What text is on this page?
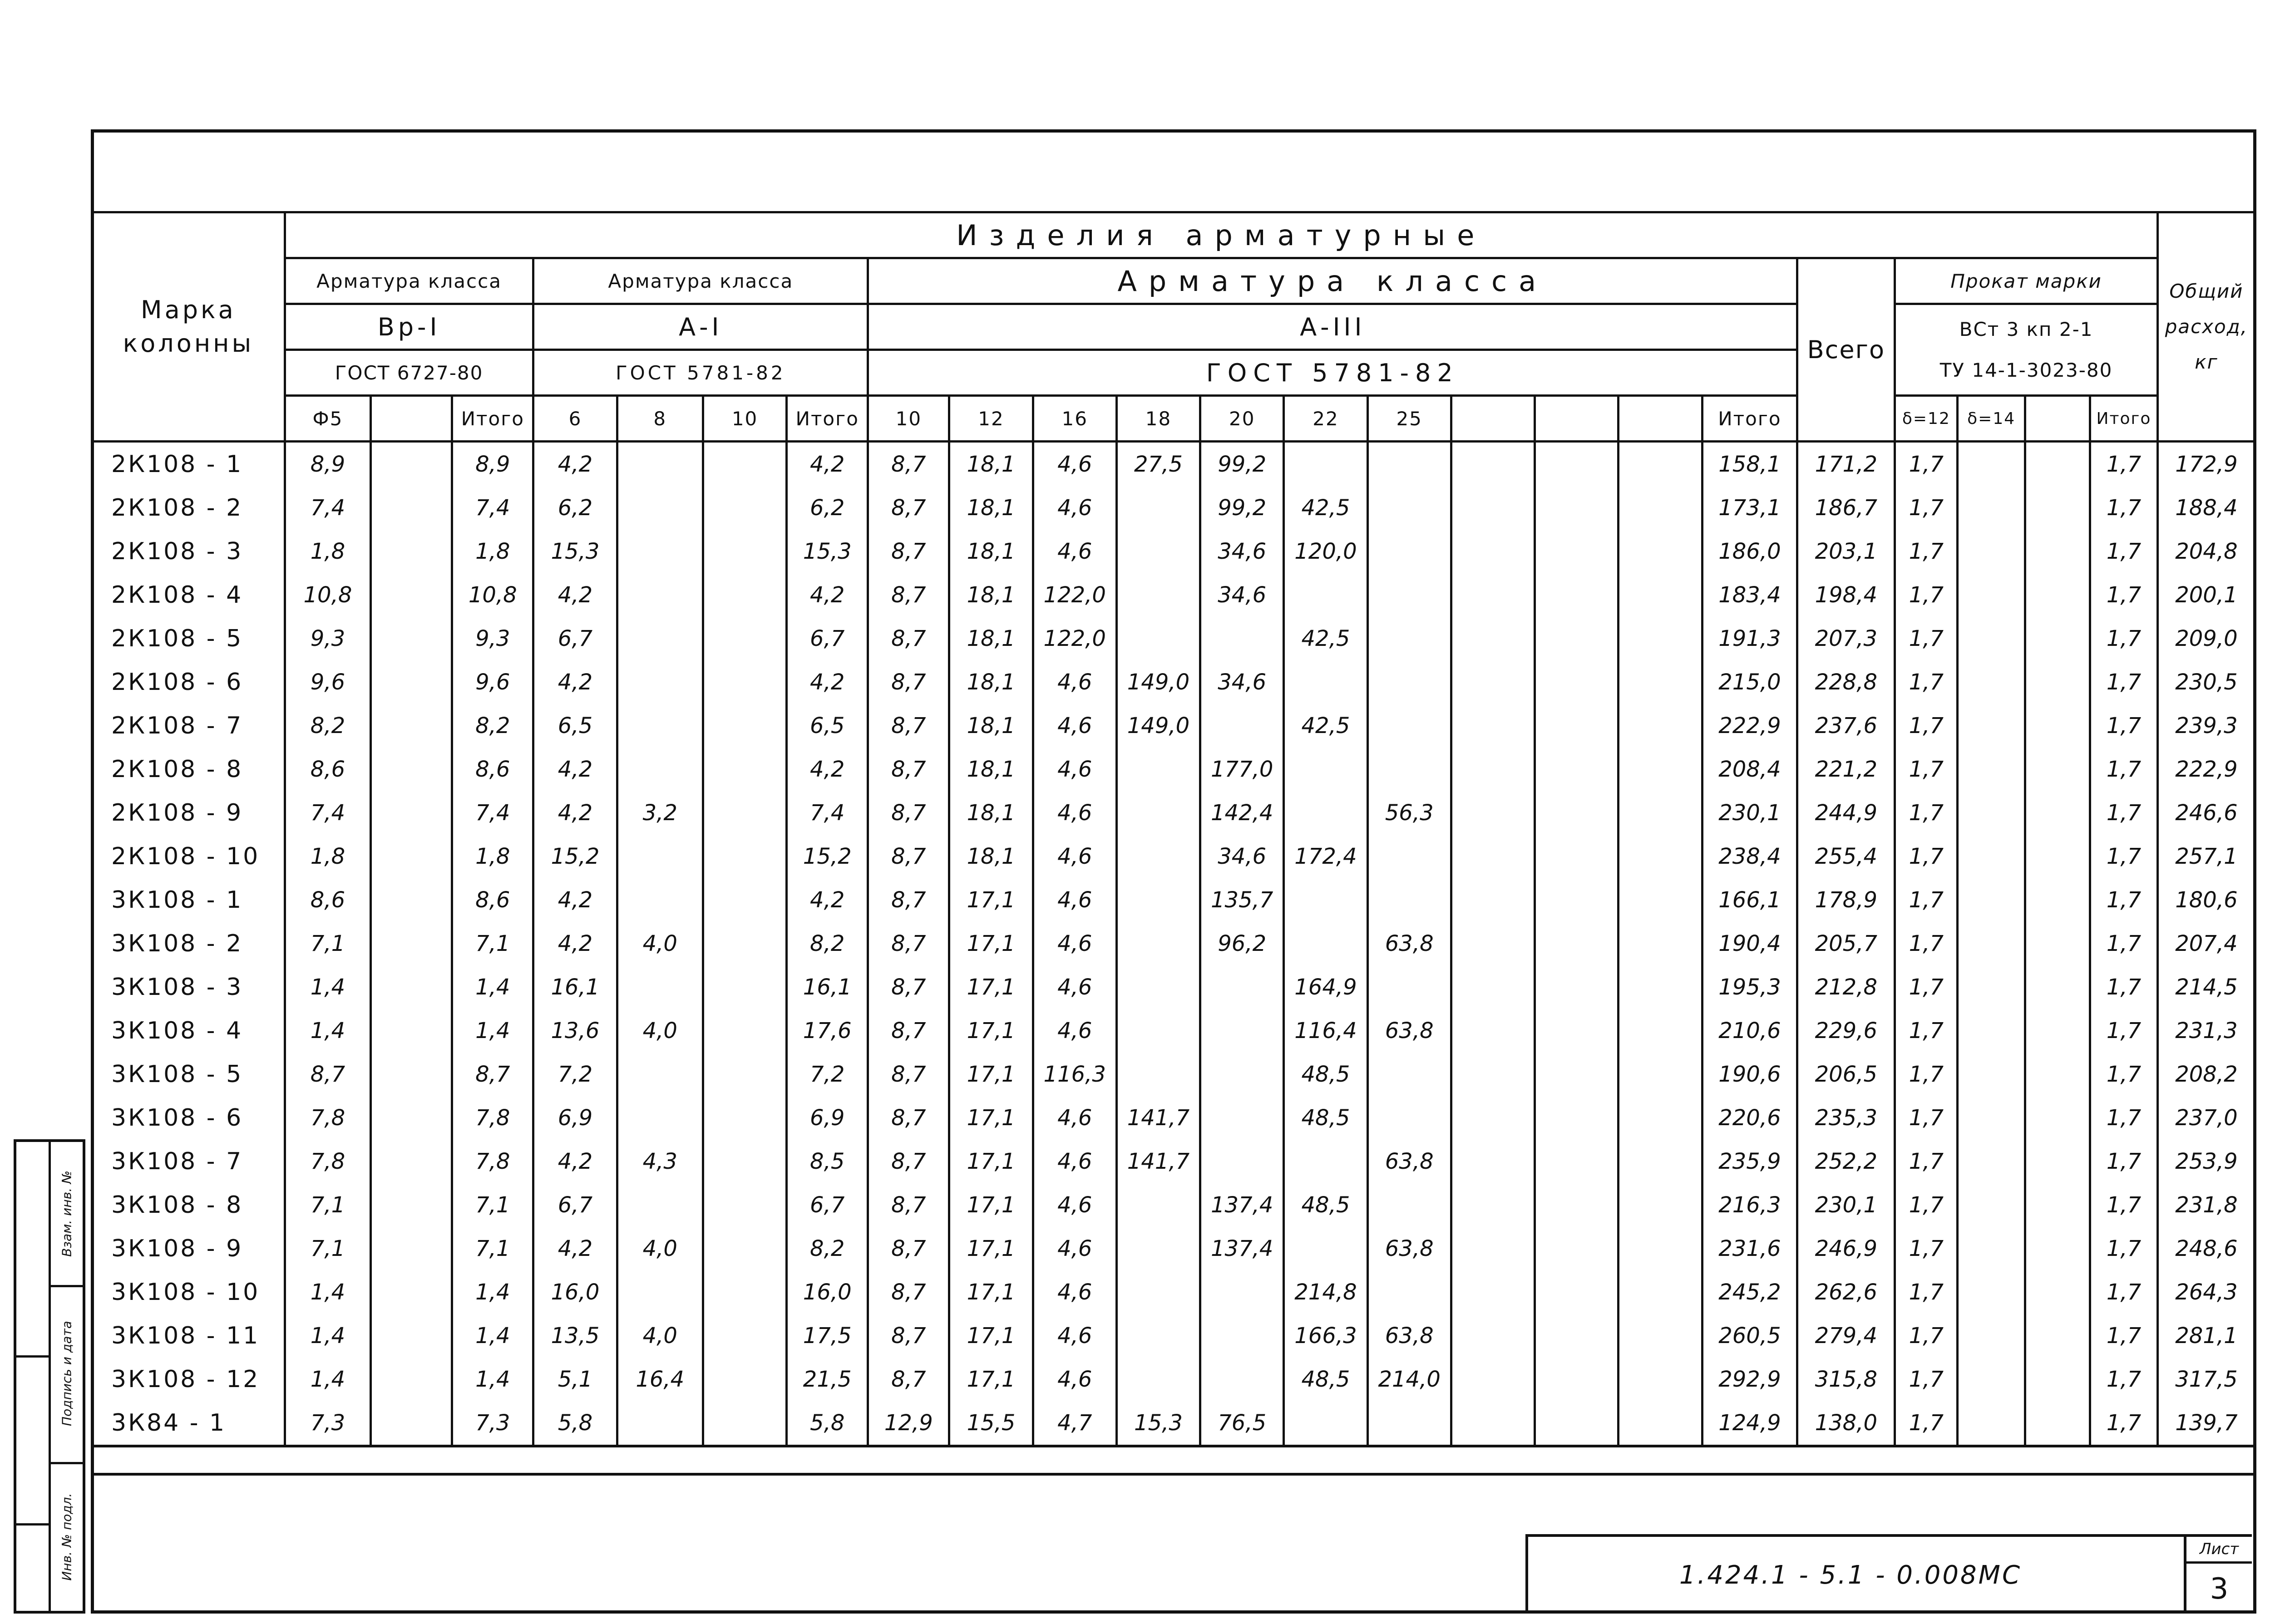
Марка колонны	Изделия арматурные																							Общий
расход,
кг

	Арматура класса			Арматура класса				Арматура класса											Всего	Прокат марки				
	Вр-I			А-I				А-III												ВСт 3 кп 2-1
ТУ 14-1-3023-80				

	ГОСТ 6727-80			ГОСТ 5781-82				ГОСТ 5781-82																
	Ф5		Итого	6	8	10	Итого	10	12	16	18	20	22	25				Итого		δ=12	δ=14		Итого	
2К108 - 1	8,9		8,9	4,2			4,2	8,7	18,1	4,6	27,5	99,2						158,1	171,2	1,7			1,7	172,9
2К108 - 2	7,4		7,4	6,2			6,2	8,7	18,1	4,6		99,2	42,5					173,1	186,7	1,7			1,7	188,4
2К108 - 3	1,8		1,8	15,3			15,3	8,7	18,1	4,6		34,6	120,0					186,0	203,1	1,7			1,7	204,8
2К108 - 4	10,8		10,8	4,2			4,2	8,7	18,1	122,0		34,6						183,4	198,4	1,7			1,7	200,1
2К108 - 5	9,3		9,3	6,7			6,7	8,7	18,1	122,0			42,5					191,3	207,3	1,7			1,7	209,0
2К108 - 6	9,6		9,6	4,2			4,2	8,7	18,1	4,6	149,0	34,6						215,0	228,8	1,7			1,7	230,5
2К108 - 7	8,2		8,2	6,5			6,5	8,7	18,1	4,6	149,0		42,5					222,9	237,6	1,7			1,7	239,3
2К108 - 8	8,6		8,6	4,2			4,2	8,7	18,1	4,6		177,0						208,4	221,2	1,7			1,7	222,9
2К108 - 9	7,4		7,4	4,2	3,2		7,4	8,7	18,1	4,6		142,4		56,3				230,1	244,9	1,7			1,7	246,6
2К108 - 10	1,8		1,8	15,2			15,2	8,7	18,1	4,6		34,6	172,4					238,4	255,4	1,7			1,7	257,1
3К108 - 1	8,6		8,6	4,2			4,2	8,7	17,1	4,6		135,7						166,1	178,9	1,7			1,7	180,6
3К108 - 2	7,1		7,1	4,2	4,0		8,2	8,7	17,1	4,6		96,2		63,8				190,4	205,7	1,7			1,7	207,4
3К108 - 3	1,4		1,4	16,1			16,1	8,7	17,1	4,6			164,9					195,3	212,8	1,7			1,7	214,5
3К108 - 4	1,4		1,4	13,6	4,0		17,6	8,7	17,1	4,6			116,4	63,8				210,6	229,6	1,7			1,7	231,3
3К108 - 5	8,7		8,7	7,2			7,2	8,7	17,1	116,3			48,5					190,6	206,5	1,7			1,7	208,2
3К108 - 6	7,8		7,8	6,9			6,9	8,7	17,1	4,6	141,7		48,5					220,6	235,3	1,7			1,7	237,0
3К108 - 7	7,8		7,8	4,2	4,3		8,5	8,7	17,1	4,6	141,7			63,8				235,9	252,2	1,7			1,7	253,9
3К108 - 8	7,1		7,1	6,7			6,7	8,7	17,1	4,6		137,4	48,5					216,3	230,1	1,7			1,7	231,8
3К108 - 9	7,1		7,1	4,2	4,0		8,2	8,7	17,1	4,6		137,4		63,8				231,6	246,9	1,7			1,7	248,6
3К108 - 10	1,4		1,4	16,0			16,0	8,7	17,1	4,6			214,8					245,2	262,6	1,7			1,7	264,3
3К108 - 11	1,4		1,4	13,5	4,0		17,5	8,7	17,1	4,6			166,3	63,8				260,5	279,4	1,7			1,7	281,1
3К108 - 12	1,4		1,4	5,1	16,4		21,5	8,7	17,1	4,6			48,5	214,0				292,9	315,8	1,7			1,7	317,5
3К84 - 1	7,3		7,3	5,8			5,8	12,9	15,5	4,7	15,3	76,5						124,9	138,0	1,7			1,7	139,7
Взам. инв. №
Подпись и дата
Инв. № подл.	1.424.1 - 5.1 - 0.008МС
Лист
3
